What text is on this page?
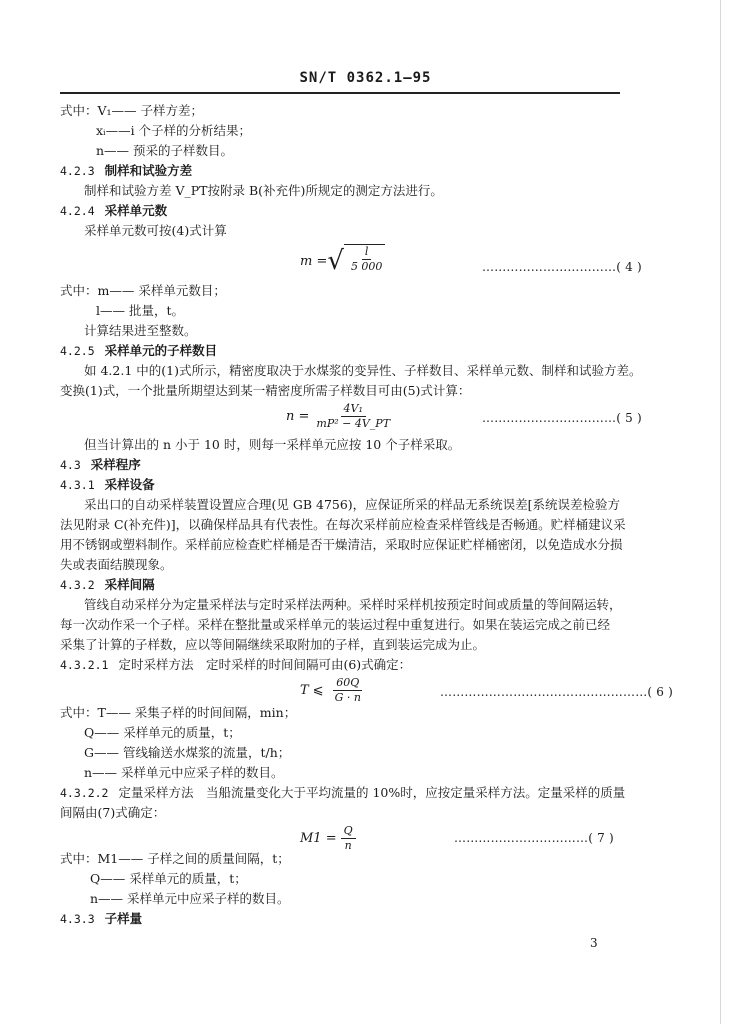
SN/T 0362.1—95
式中：V₁—— 子样方差；
xᵢ——i 个子样的分析结果；
n—— 预采的子样数目。
4.2.3 制样和试验方差
制样和试验方差 V_PT按附录 B(补充件)所规定的测定方法进行。
4.2.4 采样单元数
采样单元数可按(4)式计算
m = √ $\frac{l}{5 000}$	……………………………( 4 )
式中：m—— 采样单元数目；
l—— 批量，t。
计算结果进至整数。
4.2.5 采样单元的子样数目
如 4.2.1 中的(1)式所示，精密度取决于水煤浆的变异性、子样数目、采样单元数、制样和试验方差。
变换(1)式，一个批量所期望达到某一精密度所需子样数目可由(5)式计算：
$n = \frac{\text{4V₁}}{\text{mP² − 4V\_PT}}$	……………………………( 5 )
但当计算出的 n 小于 10 时，则每一采样单元应按 10 个子样采取。
4.3 采样程序
4.3.1 采样设备
采出口的自动采样装置设置应合理(见 GB 4756)，应保证所采的样品无系统误差[系统误差检验方
法见附录 C(补充件)]，以确保样品具有代表性。在每次采样前应检查采样管线是否畅通。贮样桶建议采
用不锈钢或塑料制作。采样前应检查贮样桶是否干燥清洁，采取时应保证贮样桶密闭，以免造成水分损
失或表面结膜现象。
4.3.2 采样间隔
管线自动采样分为定量采样法与定时采样法两种。采样时采样机按预定时间或质量的等间隔运转，
每一次动作采一个子样。采样在整批量或采样单元的装运过程中重复进行。如果在装运完成之前已经
采集了计算的子样数，应以等间隔继续采取附加的子样，直到装运完成为止。
4.3.2.1 定时采样方法　定时采样的时间间隔可由(6)式确定：
T ⩽ $\frac{60Q}{G \cdot n}$	……………………………………………( 6 )
式中：T—— 采集子样的时间间隔，min；
Q—— 采样单元的质量，t；
G—— 管线输送水煤浆的流量，t/h；
n—— 采样单元中应采子样的数目。
4.3.2.2 定量采样方法　当船流量变化大于平均流量的 10%时，应按定量采样方法。定量采样的质量
间隔由(7)式确定：
$M1 = \frac{Q}{n}$	……………………………( 7 )
式中：M1—— 子样之间的质量间隔，t；
Q—— 采样单元的质量，t；
n—— 采样单元中应采子样的数目。
4.3.3 子样量
3
